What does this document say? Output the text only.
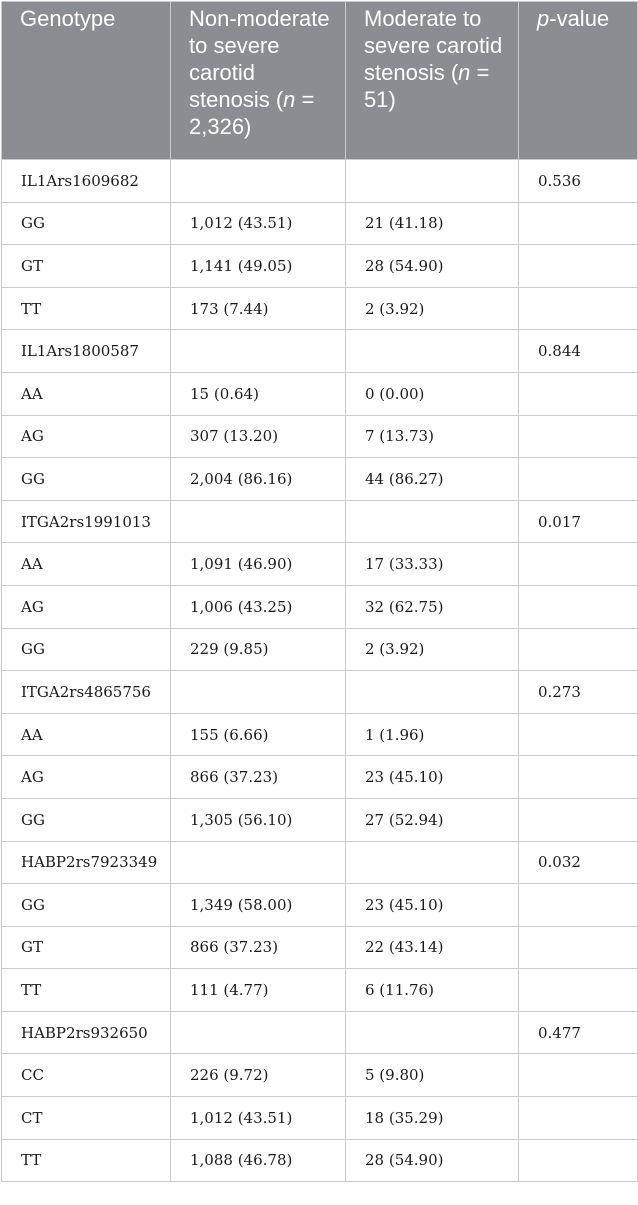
Genotype	Non-moderate to severe carotid stenosis (n = 2,326)	Moderate to severe carotid stenosis (n = 51)	p-value
IL1Ars1609682			0.536
GG	1,012 (43.51)	21 (41.18)	
GT	1,141 (49.05)	28 (54.90)	
TT	173 (7.44)	2 (3.92)	
IL1Ars1800587			0.844
AA	15 (0.64)	0 (0.00)	
AG	307 (13.20)	7 (13.73)	
GG	2,004 (86.16)	44 (86.27)	
ITGA2rs1991013			0.017
AA	1,091 (46.90)	17 (33.33)	
AG	1,006 (43.25)	32 (62.75)	
GG	229 (9.85)	2 (3.92)	
ITGA2rs4865756			0.273
AA	155 (6.66)	1 (1.96)	
AG	866 (37.23)	23 (45.10)	
GG	1,305 (56.10)	27 (52.94)	
HABP2rs7923349			0.032
GG	1,349 (58.00)	23 (45.10)	
GT	866 (37.23)	22 (43.14)	
TT	111 (4.77)	6 (11.76)	
HABP2rs932650			0.477
CC	226 (9.72)	5 (9.80)	
CT	1,012 (43.51)	18 (35.29)	
TT	1,088 (46.78)	28 (54.90)	
